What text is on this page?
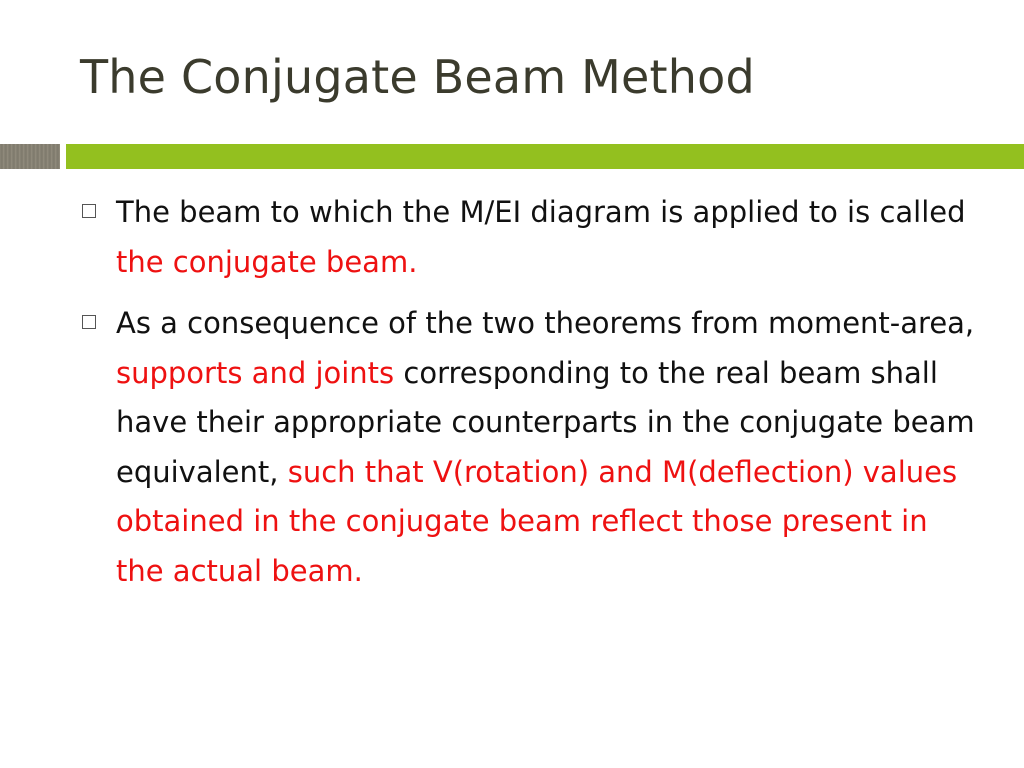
The Conjugate Beam Method
The beam to which the M/EI diagram is applied to is called the conjugate beam.
As a consequence of the two theorems from moment-area, supports and joints corresponding to the real beam shall have their appropriate counterparts in the conjugate beam equivalent, such that V(rotation) and M(deflection) values obtained in the conjugate beam reflect those present in the actual beam.
